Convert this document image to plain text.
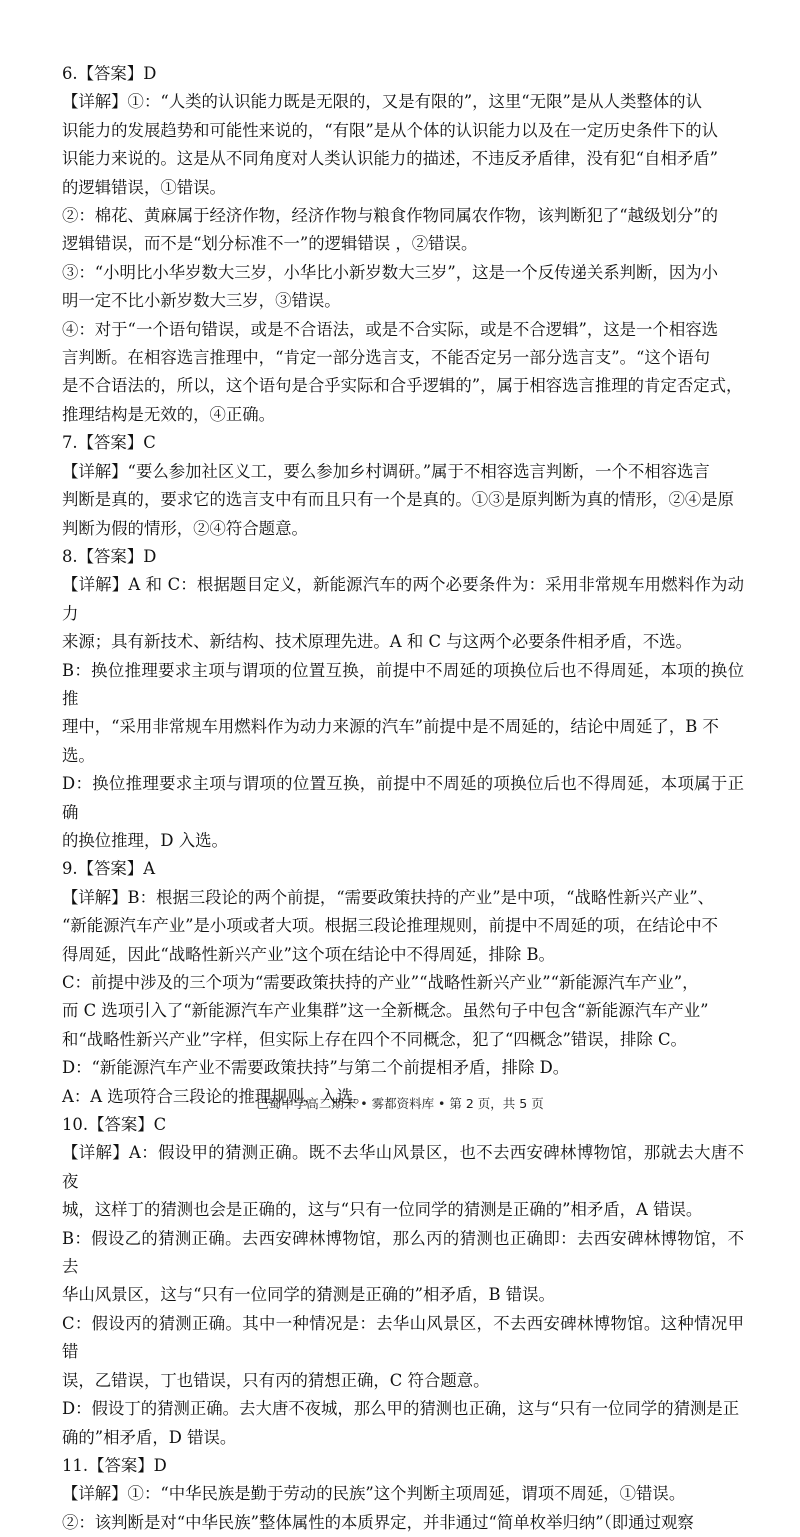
6.【答案】D
【详解】①：“人类的认识能力既是无限的，又是有限的”，这里“无限”是从人类整体的认
识能力的发展趋势和可能性来说的，“有限”是从个体的认识能力以及在一定历史条件下的认
识能力来说的。这是从不同角度对人类认识能力的描述，不违反矛盾律，没有犯“自相矛盾”
的逻辑错误，①错误。
②：棉花、黄麻属于经济作物，经济作物与粮食作物同属农作物，该判断犯了“越级划分”的
逻辑错误，而不是“划分标准不一”的逻辑错误 ，②错误。
③：“小明比小华岁数大三岁，小华比小新岁数大三岁”，这是一个反传递关系判断，因为小
明一定不比小新岁数大三岁，③错误。
④：对于“一个语句错误，或是不合语法，或是不合实际，或是不合逻辑”，这是一个相容选
言判断。在相容选言推理中，“肯定一部分选言支，不能否定另一部分选言支”。“这个语句
是不合语法的，所以，这个语句是合乎实际和合乎逻辑的”，属于相容选言推理的肯定否定式，
推理结构是无效的，④正确。
7.【答案】C
【详解】“要么参加社区义工，要么参加乡村调研。”属于不相容选言判断，一个不相容选言
判断是真的，要求它的选言支中有而且只有一个是真的。①③是原判断为真的情形，②④是原
判断为假的情形，②④符合题意。
8.【答案】D
【详解】A 和 C：根据题目定义，新能源汽车的两个必要条件为：采用非常规车用燃料作为动力
来源；具有新技术、新结构、技术原理先进。A 和 C 与这两个必要条件相矛盾，不选。
B：换位推理要求主项与谓项的位置互换，前提中不周延的项换位后也不得周延，本项的换位推
理中，“采用非常规车用燃料作为动力来源的汽车”前提中是不周延的，结论中周延了，B 不
选。
D：换位推理要求主项与谓项的位置互换，前提中不周延的项换位后也不得周延，本项属于正确
的换位推理，D 入选。
9.【答案】A
【详解】B：根据三段论的两个前提，“需要政策扶持的产业”是中项，“战略性新兴产业”、
“新能源汽车产业”是小项或者大项。根据三段论推理规则，前提中不周延的项，在结论中不
得周延，因此“战略性新兴产业”这个项在结论中不得周延，排除 B。
C：前提中涉及的三个项为“需要政策扶持的产业”“战略性新兴产业”“新能源汽车产业”，
而 C 选项引入了“新能源汽车产业集群”这一全新概念。虽然句子中包含“新能源汽车产业”
和“战略性新兴产业”字样，但实际上存在四个不同概念，犯了“四概念”错误，排除 C。
D：“新能源汽车产业不需要政策扶持”与第二个前提相矛盾，排除 D。
A：A 选项符合三段论的推理规则，入选。
10.【答案】C
【详解】A：假设甲的猜测正确。既不去华山风景区，也不去西安碑林博物馆，那就去大唐不夜
城，这样丁的猜测也会是正确的，这与“只有一位同学的猜测是正确的”相矛盾，A 错误。
B：假设乙的猜测正确。去西安碑林博物馆，那么丙的猜测也正确即：去西安碑林博物馆，不去
华山风景区，这与“只有一位同学的猜测是正确的”相矛盾，B 错误。
C：假设丙的猜测正确。其中一种情况是：去华山风景区，不去西安碑林博物馆。这种情况甲错
误，乙错误，丁也错误，只有丙的猜想正确，C 符合题意。
D：假设丁的猜测正确。去大唐不夜城，那么甲的猜测也正确，这与“只有一位同学的猜测是正
确的”相矛盾，D 错误。
11.【答案】D
【详解】①：“中华民族是勤于劳动的民族”这个判断主项周延，谓项不周延，①错误。
②：该判断是对“中华民族”整体属性的本质界定，并非通过“简单枚举归纳”（即通过观察
巴蜀中学高二期末 • 雾都资料库 • 第 2 页，共 5 页
